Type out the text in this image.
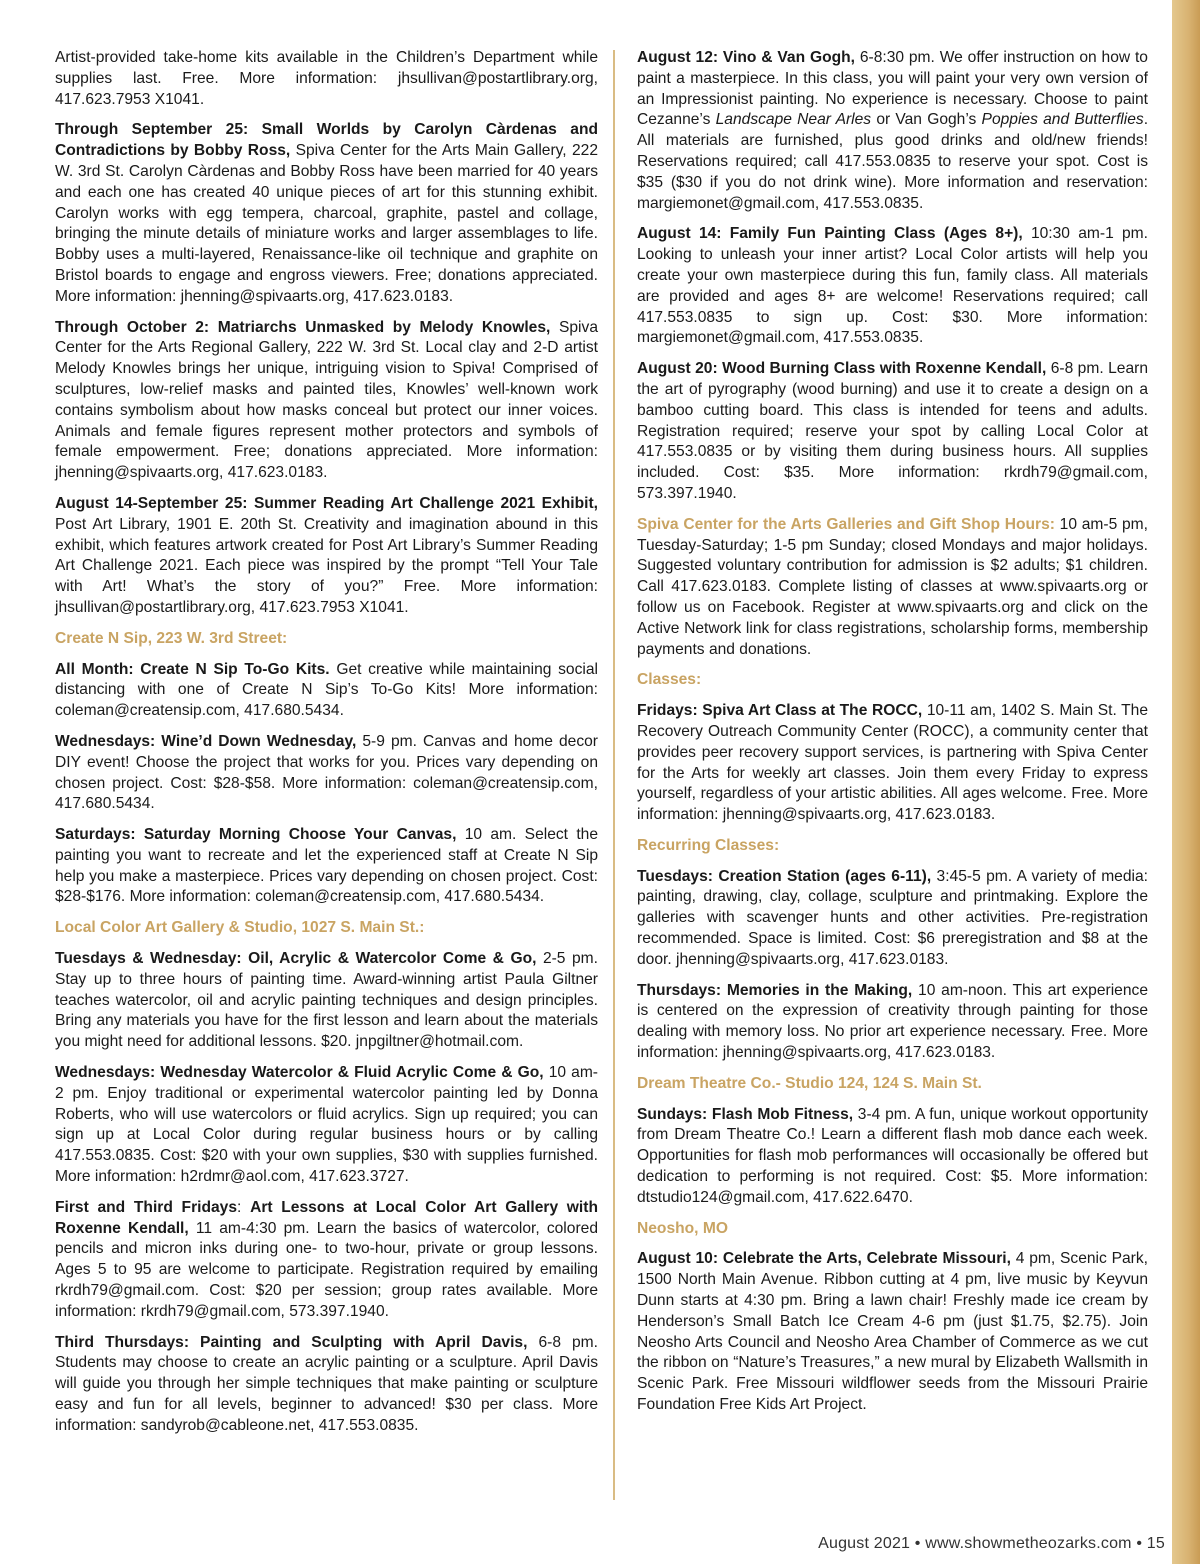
Artist-provided take-home kits available in the Children’s Department while supplies last. Free. More information: jhsullivan@postartlibrary.org, 417.623.7953 X1041.

Through September 25: Small Worlds by Carolyn Càrdenas and Contradictions by Bobby Ross, Spiva Center for the Arts Main Gallery, 222 W. 3rd St. Carolyn Càrdenas and Bobby Ross have been married for 40 years and each one has created 40 unique pieces of art for this stunning exhibit. Carolyn works with egg tempera, charcoal, graphite, pastel and collage, bringing the minute details of miniature works and larger assemblages to life. Bobby uses a multi-layered, Renaissance-like oil technique and graphite on Bristol boards to engage and engross viewers. Free; donations appreciated. More information: jhenning@spivaarts.org, 417.623.0183.

Through October 2: Matriarchs Unmasked by Melody Knowles, Spiva Center for the Arts Regional Gallery, 222 W. 3rd St. Local clay and 2-D artist Melody Knowles brings her unique, intriguing vision to Spiva! Comprised of sculptures, low-relief masks and painted tiles, Knowles’ well-known work contains symbolism about how masks conceal but protect our inner voices. Animals and female figures represent mother protectors and symbols of female empowerment. Free; donations appreciated. More information: jhenning@spivaarts.org, 417.623.0183.

August 14-September 25: Summer Reading Art Challenge 2021 Exhibit, Post Art Library, 1901 E. 20th St. Creativity and imagination abound in this exhibit, which features artwork created for Post Art Library’s Summer Reading Art Challenge 2021. Each piece was inspired by the prompt “Tell Your Tale with Art! What’s the story of you?” Free. More information: jhsullivan@postartlibrary.org, 417.623.7953 X1041.

Create N Sip, 223 W. 3rd Street:

All Month: Create N Sip To-Go Kits. Get creative while maintaining social distancing with one of Create N Sip’s To-Go Kits! More information: coleman@creatensip.com, 417.680.5434.

Wednesdays: Wine’d Down Wednesday, 5-9 pm. Canvas and home decor DIY event! Choose the project that works for you. Prices vary depending on chosen project. Cost: $28-$58. More information: coleman@creatensip.com, 417.680.5434.

Saturdays: Saturday Morning Choose Your Canvas, 10 am. Select the painting you want to recreate and let the experienced staff at Create N Sip help you make a masterpiece. Prices vary depending on chosen project. Cost: $28-$176. More information: coleman@creatensip.com, 417.680.5434.

Local Color Art Gallery & Studio, 1027 S. Main St.:

Tuesdays & Wednesday: Oil, Acrylic & Watercolor Come & Go, 2-5 pm. Stay up to three hours of painting time. Award-winning artist Paula Giltner teaches watercolor, oil and acrylic painting techniques and design principles. Bring any materials you have for the first lesson and learn about the materials you might need for additional lessons. $20. jnpgiltner@hotmail.com.

Wednesdays: Wednesday Watercolor & Fluid Acrylic Come & Go, 10 am-2 pm. Enjoy traditional or experimental watercolor painting led by Donna Roberts, who will use watercolors or fluid acrylics. Sign up required; you can sign up at Local Color during regular business hours or by calling 417.553.0835. Cost: $20 with your own supplies, $30 with supplies furnished. More information: h2rdmr@aol.com, 417.623.3727.

First and Third Fridays: Art Lessons at Local Color Art Gallery with Roxenne Kendall, 11 am-4:30 pm. Learn the basics of watercolor, colored pencils and micron inks during one- to two-hour, private or group lessons. Ages 5 to 95 are welcome to participate. Registration required by emailing rkrdh79@gmail.com. Cost: $20 per session; group rates available. More information: rkrdh79@gmail.com, 573.397.1940.

Third Thursdays: Painting and Sculpting with April Davis, 6-8 pm. Students may choose to create an acrylic painting or a sculpture. April Davis will guide you through her simple techniques that make painting or sculpture easy and fun for all levels, beginner to advanced! $30 per class. More information: sandyrob@cableone.net, 417.553.0835.

August 12: Vino & Van Gogh, 6-8:30 pm. We offer instruction on how to paint a masterpiece. In this class, you will paint your very own version of an Impressionist painting. No experience is necessary. Choose to paint Cezanne’s Landscape Near Arles or Van Gogh’s Poppies and Butterflies. All materials are furnished, plus good drinks and old/new friends! Reservations required; call 417.553.0835 to reserve your spot. Cost is $35 ($30 if you do not drink wine). More information and reservation: margiemonet@gmail.com, 417.553.0835.

August 14: Family Fun Painting Class (Ages 8+), 10:30 am-1 pm. Looking to unleash your inner artist? Local Color artists will help you create your own masterpiece during this fun, family class. All materials are provided and ages 8+ are welcome! Reservations required; call 417.553.0835 to sign up. Cost: $30. More information: margiemonet@gmail.com, 417.553.0835.

August 20: Wood Burning Class with Roxenne Kendall, 6-8 pm. Learn the art of pyrography (wood burning) and use it to create a design on a bamboo cutting board. This class is intended for teens and adults. Registration required; reserve your spot by calling Local Color at 417.553.0835 or by visiting them during business hours. All supplies included. Cost: $35. More information: rkrdh79@gmail.com, 573.397.1940.

Spiva Center for the Arts Galleries and Gift Shop Hours: 10 am-5 pm, Tuesday-Saturday; 1-5 pm Sunday; closed Mondays and major holidays. Suggested voluntary contribution for admission is $2 adults; $1 children. Call 417.623.0183. Complete listing of classes at www.spivaarts.org or follow us on Facebook. Register at www.spivaarts.org and click on the Active Network link for class registrations, scholarship forms, membership payments and donations.

Classes:

Fridays: Spiva Art Class at The ROCC, 10-11 am, 1402 S. Main St. The Recovery Outreach Community Center (ROCC), a community center that provides peer recovery support services, is partnering with Spiva Center for the Arts for weekly art classes. Join them every Friday to express yourself, regardless of your artistic abilities. All ages welcome. Free. More information: jhenning@spivaarts.org, 417.623.0183.

Recurring Classes:

Tuesdays: Creation Station (ages 6-11), 3:45-5 pm. A variety of media: painting, drawing, clay, collage, sculpture and printmaking. Explore the galleries with scavenger hunts and other activities. Pre-registration recommended. Space is limited. Cost: $6 preregistration and $8 at the door. jhenning@spivaarts.org, 417.623.0183.

Thursdays: Memories in the Making, 10 am-noon. This art experience is centered on the expression of creativity through painting for those dealing with memory loss. No prior art experience necessary. Free. More information: jhenning@spivaarts.org, 417.623.0183.

Dream Theatre Co.- Studio 124, 124 S. Main St.

Sundays: Flash Mob Fitness, 3-4 pm. A fun, unique workout opportunity from Dream Theatre Co.! Learn a different flash mob dance each week. Opportunities for flash mob performances will occasionally be offered but dedication to performing is not required. Cost: $5. More information: dtstudio124@gmail.com, 417.622.6470.

Neosho, MO

August 10: Celebrate the Arts, Celebrate Missouri, 4 pm, Scenic Park, 1500 North Main Avenue. Ribbon cutting at 4 pm, live music by Keyvun Dunn starts at 4:30 pm. Bring a lawn chair! Freshly made ice cream by Henderson’s Small Batch Ice Cream 4-6 pm (just $1.75, $2.75). Join Neosho Arts Council and Neosho Area Chamber of Commerce as we cut the ribbon on “Nature’s Treasures,” a new mural by Elizabeth Wallsmith in Scenic Park. Free Missouri wildflower seeds from the Missouri Prairie Foundation Free Kids Art Project.

August 2021 • www.showmetheozarks.com • 15
